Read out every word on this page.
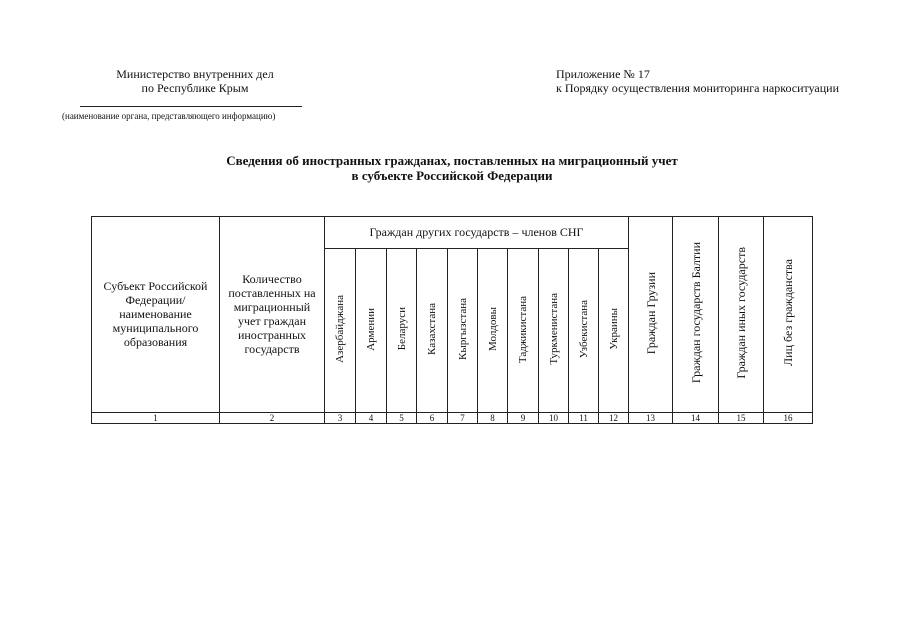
Министерство внутренних дел
по Республике Крым
(наименование органа, представляющего информацию)
Приложение № 17
к Порядку осуществления мониторинга наркоситуации
Сведения об иностранных гражданах, поставленных на миграционный учет
в субъекте Российской Федерации
Субъект Российской Федерации/ наименование муниципального образования	Количество поставленных на миграционный учет граждан иностранных государств	Граждан других государств – членов СНГ										Граждан Грузии	Граждан государств Балтии	Граждан иных государств	Лиц без гражданства
		Азербайджана	Армении	Беларуси	Казахстана	Кыргызстана	Молдовы	Таджикистана	Туркменистана	Узбекистана	Украины				
1	2	3	4	5	6	7	8	9	10	11	12	13	14	15	16
